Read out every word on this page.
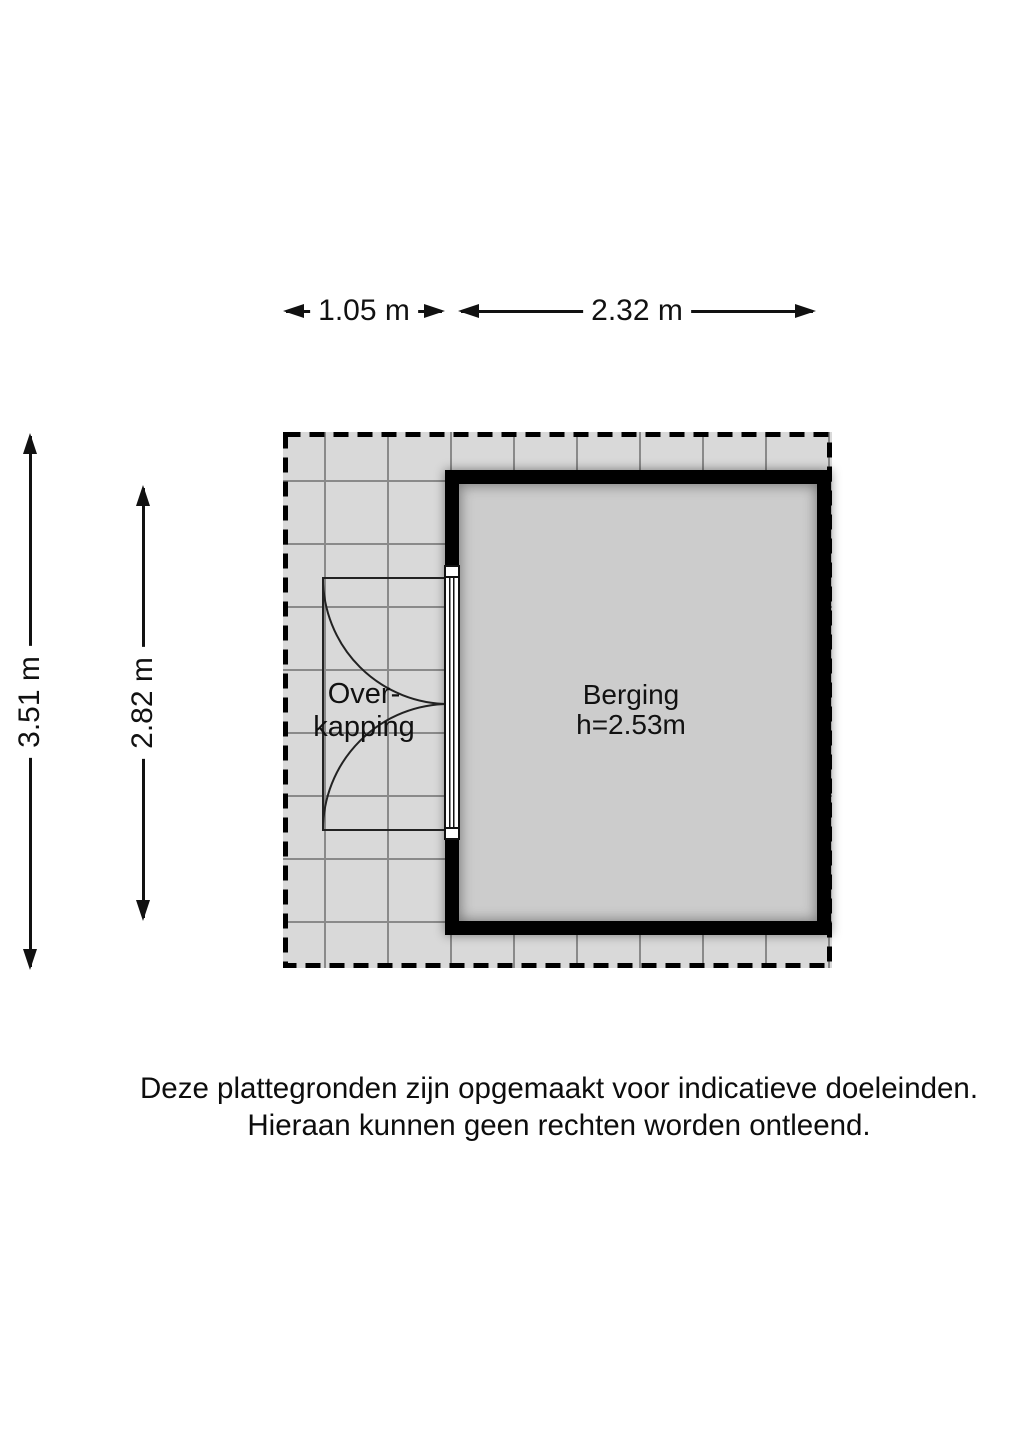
Over-
kapping
Berging
h=2.53m
1.05 m	2.32 m
3.51 m	2.82 m
Deze plattegronden zijn opgemaakt voor indicatieve doeleinden.
Hieraan kunnen geen rechten worden ontleend.
